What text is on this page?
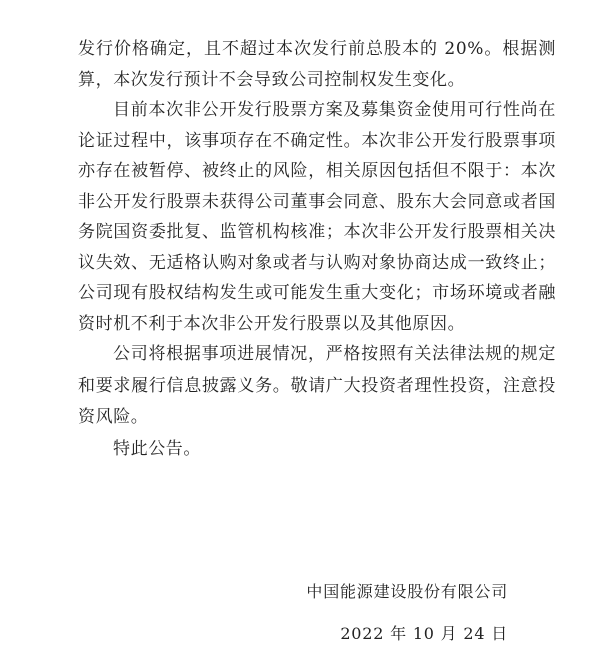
发行价格确定，且不超过本次发行前总股本的 20%。根据测算，本次发行预计不会导致公司控制权发生变化。

目前本次非公开发行股票方案及募集资金使用可行性尚在论证过程中，该事项存在不确定性。本次非公开发行股票事项亦存在被暂停、被终止的风险，相关原因包括但不限于：本次非公开发行股票未获得公司董事会同意、股东大会同意或者国务院国资委批复、监管机构核准；本次非公开发行股票相关决议失效、无适格认购对象或者与认购对象协商达成一致终止；公司现有股权结构发生或可能发生重大变化；市场环境或者融资时机不利于本次非公开发行股票以及其他原因。

公司将根据事项进展情况，严格按照有关法律法规的规定和要求履行信息披露义务。敬请广大投资者理性投资，注意投资风险。

特此公告。

中国能源建设股份有限公司
2022 年 10 月 24 日
